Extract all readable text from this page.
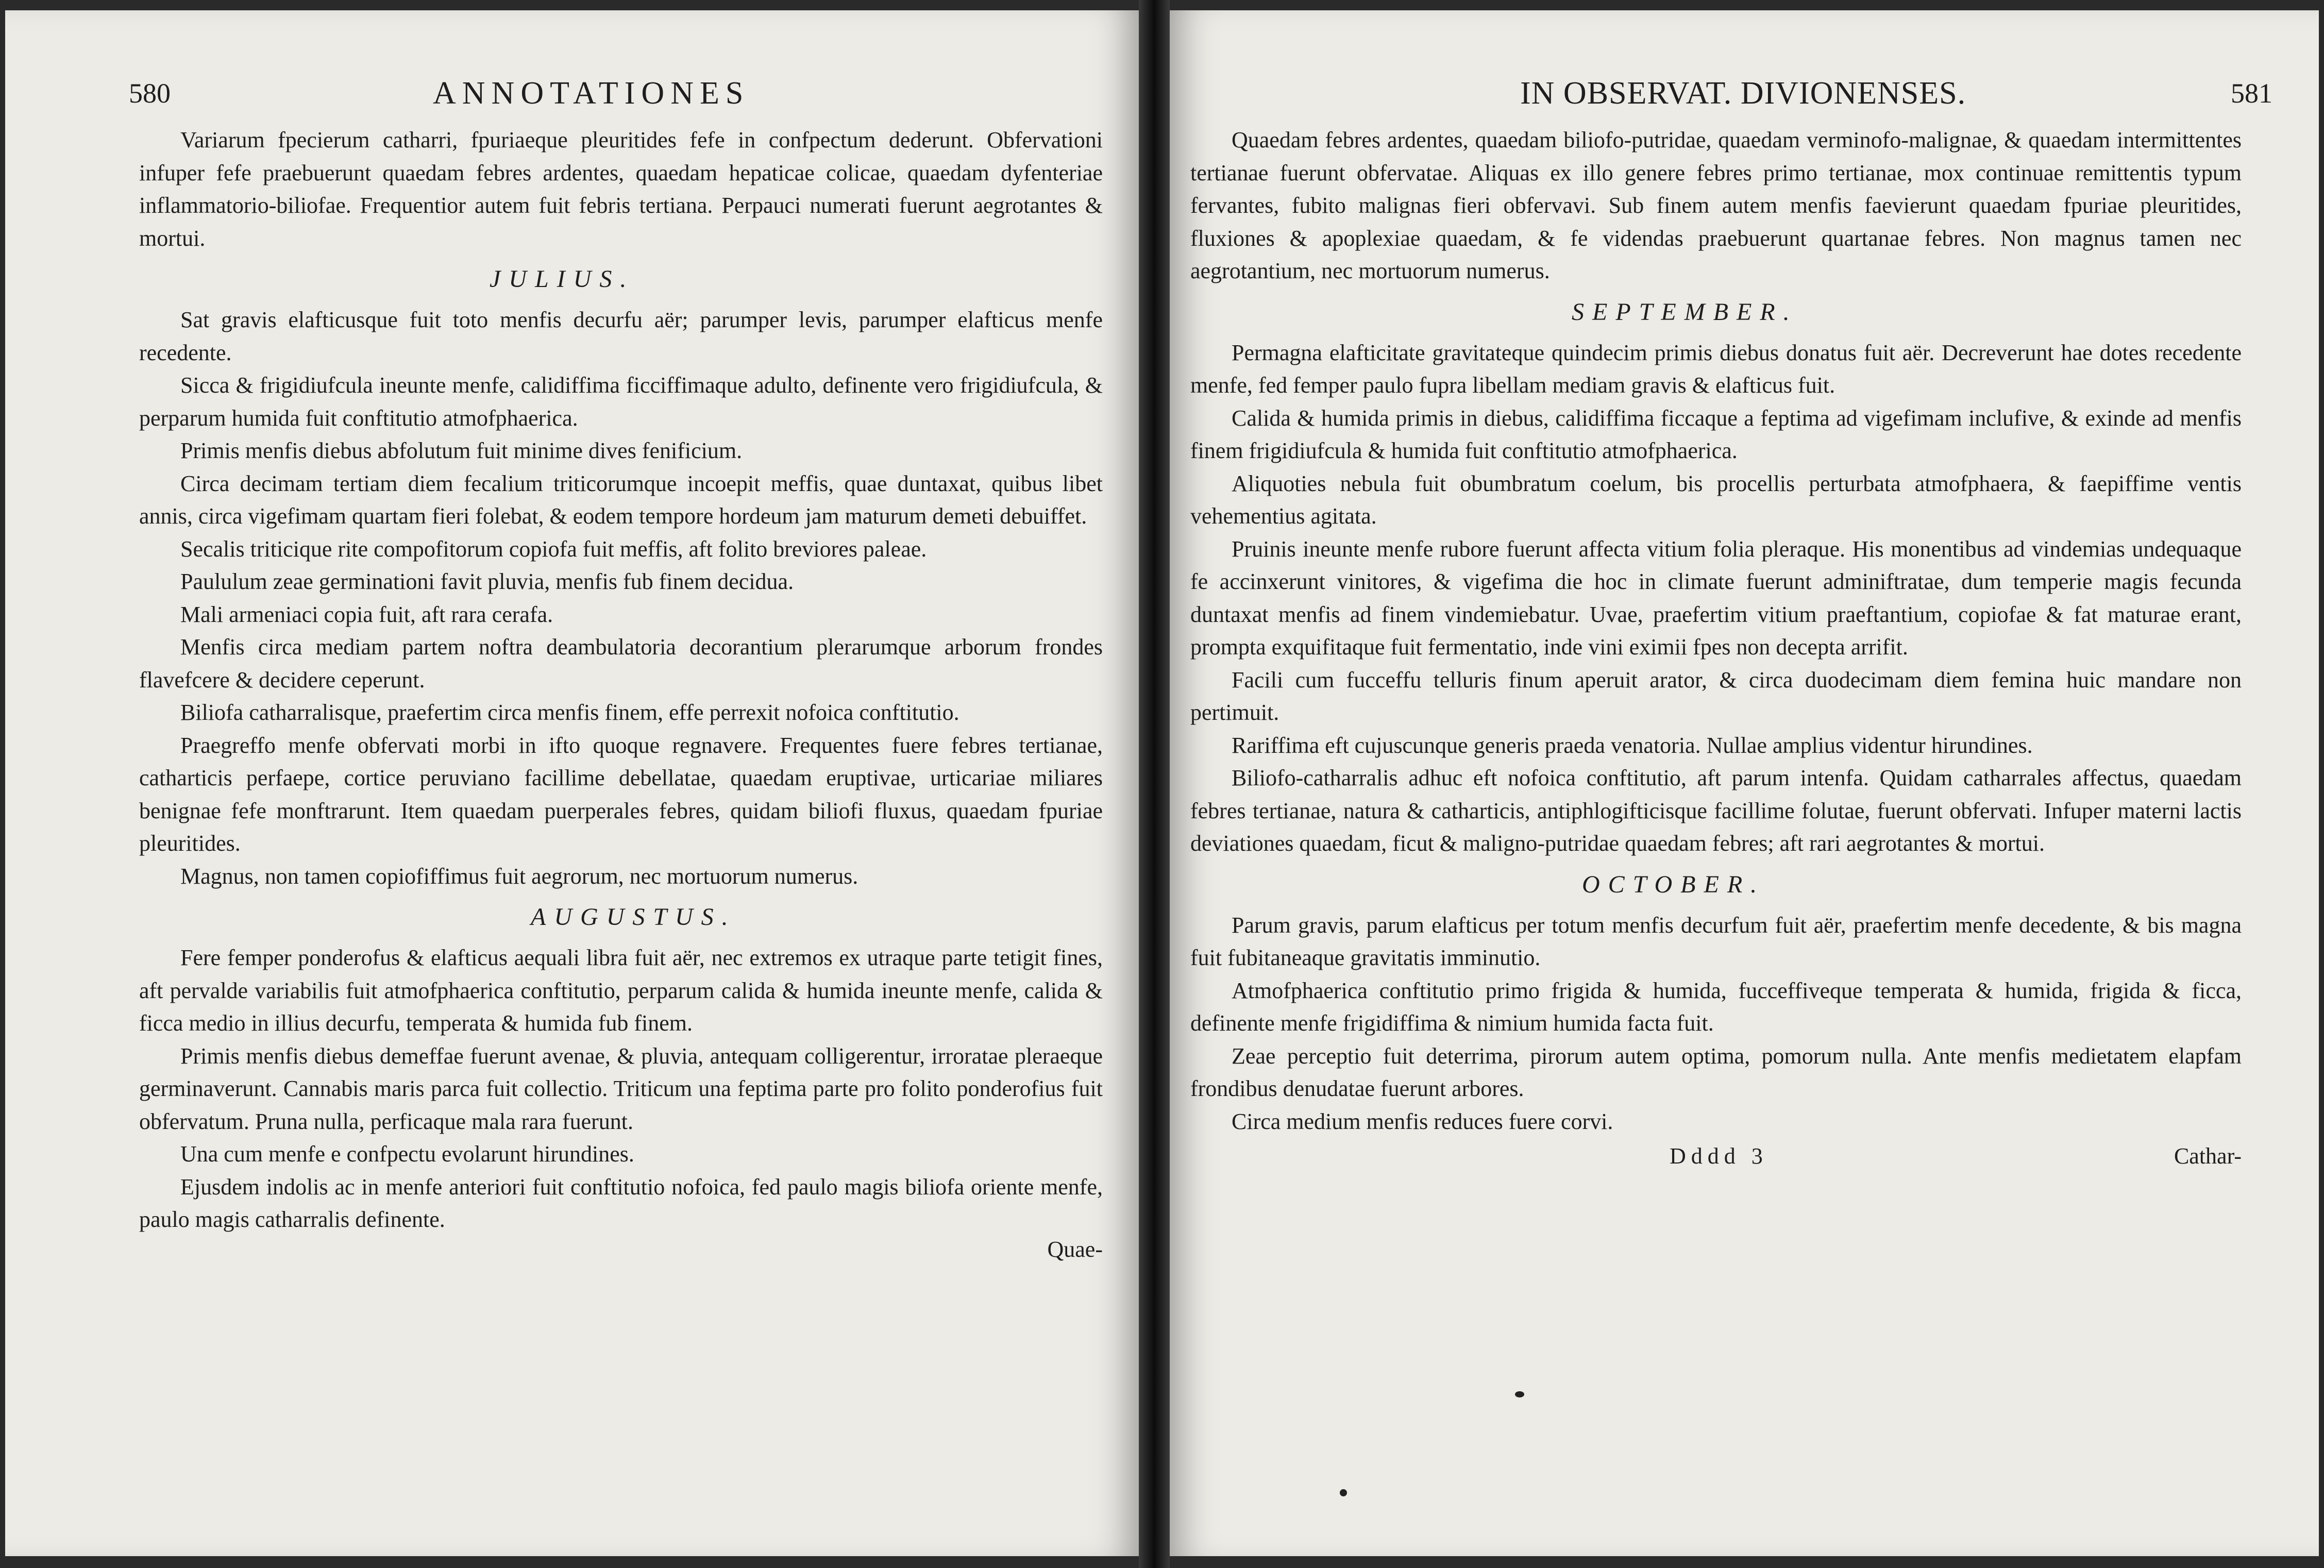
580	ANNOTATIONES

Variarum fpecierum catharri, fpuriaeque pleuritides fefe in confpectum dederunt. Obfervationi infuper fefe praebuerunt quaedam febres ardentes, quaedam hepaticae colicae, quaedam dyfenteriae inflammatorio-biliofae. Frequentior autem fuit febris tertiana. Perpauci numerati fuerunt aegrotantes & mortui.

JULIUS.

Sat gravis elafticusque fuit toto menfis decurfu aër; parumper levis, parumper elafticus menfe recedente.

Sicca & frigidiufcula ineunte menfe, calidiffima ficciffimaque adulto, definente vero frigidiufcula, & perparum humida fuit conftitutio atmofphaerica.

Primis menfis diebus abfolutum fuit minime dives fenificium.

Circa decimam tertiam diem fecalium triticorumque incoepit meffis, quae duntaxat, quibus libet annis, circa vigefimam quartam fieri folebat, & eodem tempore hordeum jam maturum demeti debuiffet.

Secalis triticique rite compofitorum copiofa fuit meffis, aft folito breviores paleae.

Paululum zeae germinationi favit pluvia, menfis fub finem decidua.

Mali armeniaci copia fuit, aft rara cerafa.

Menfis circa mediam partem noftra deambulatoria decorantium plerarumque arborum frondes flavefcere & decidere ceperunt.

Biliofa catharralisque, praefertim circa menfis finem, effe perrexit nofoica conftitutio.

Praegreffo menfe obfervati morbi in ifto quoque regnavere. Frequentes fuere febres tertianae, catharticis perfaepe, cortice peruviano facillime debellatae, quaedam eruptivae, urticariae miliares benignae fefe monftrarunt. Item quaedam puerperales febres, quidam biliofi fluxus, quaedam fpuriae pleuritides.

Magnus, non tamen copiofiffimus fuit aegrorum, nec mortuorum numerus.

AUGUSTUS.

Fere femper ponderofus & elafticus aequali libra fuit aër, nec extremos ex utraque parte tetigit fines, aft pervalde variabilis fuit atmofphaerica conftitutio, perparum calida & humida ineunte menfe, calida & ficca medio in illius decurfu, temperata & humida fub finem.

Primis menfis diebus demeffae fuerunt avenae, & pluvia, antequam colligerentur, irroratae pleraeque germinaverunt. Cannabis maris parca fuit collectio. Triticum una feptima parte pro folito ponderofius fuit obfervatum. Pruna nulla, perficaque mala rara fuerunt.

Una cum menfe e confpectu evolarunt hirundines.

Ejusdem indolis ac in menfe anteriori fuit conftitutio nofoica, fed paulo magis biliofa oriente menfe, paulo magis catharralis definente.

Quae-
IN OBSERVAT. DIVIONENSES.	581

Quaedam febres ardentes, quaedam biliofo-putridae, quaedam verminofo-malignae, & quaedam intermittentes tertianae fuerunt obfervatae. Aliquas ex illo genere febres primo tertianae, mox continuae remittentis typum fervantes, fubito malignas fieri obfervavi. Sub finem autem menfis faevierunt quaedam fpuriae pleuritides, fluxiones & apoplexiae quaedam, & fe videndas praebuerunt quartanae febres. Non magnus tamen nec aegrotantium, nec mortuorum numerus.

SEPTEMBER.

Permagna elafticitate gravitateque quindecim primis diebus donatus fuit aër. Decreverunt hae dotes recedente menfe, fed femper paulo fupra libellam mediam gravis & elafticus fuit.

Calida & humida primis in diebus, calidiffima ficcaque a feptima ad vigefimam inclufive, & exinde ad menfis finem frigidiufcula & humida fuit conftitutio atmofphaerica.

Aliquoties nebula fuit obumbratum coelum, bis procellis perturbata atmofphaera, & faepiffime ventis vehementius agitata.

Pruinis ineunte menfe rubore fuerunt affecta vitium folia pleraque. His monentibus ad vindemias undequaque fe accinxerunt vinitores, & vigefima die hoc in climate fuerunt adminiftratae, dum temperie magis fecunda duntaxat menfis ad finem vindemiebatur. Uvae, praefertim vitium praeftantium, copiofae & fat maturae erant, prompta exquifitaque fuit fermentatio, inde vini eximii fpes non decepta arrifit.

Facili cum fucceffu telluris finum aperuit arator, & circa duodecimam diem femina huic mandare non pertimuit.

Rariffima eft cujuscunque generis praeda venatoria. Nullae amplius videntur hirundines.

Biliofo-catharralis adhuc eft nofoica conftitutio, aft parum intenfa. Quidam catharrales affectus, quaedam febres tertianae, natura & catharticis, antiphlogifticisque facillime folutae, fuerunt obfervati. Infuper materni lactis deviationes quaedam, ficut & maligno-putridae quaedam febres; aft rari aegrotantes & mortui.

OCTOBER.

Parum gravis, parum elafticus per totum menfis decurfum fuit aër, praefertim menfe decedente, & bis magna fuit fubitaneaque gravitatis imminutio.

Atmofphaerica conftitutio primo frigida & humida, fucceffiveque temperata & humida, frigida & ficca, definente menfe frigidiffima & nimium humida facta fuit.

Zeae perceptio fuit deterrima, pirorum autem optima, pomorum nulla. Ante menfis medietatem elapfam frondibus denudatae fuerunt arbores.

Circa medium menfis reduces fuere corvi.

Dddd 3	Cathar-
